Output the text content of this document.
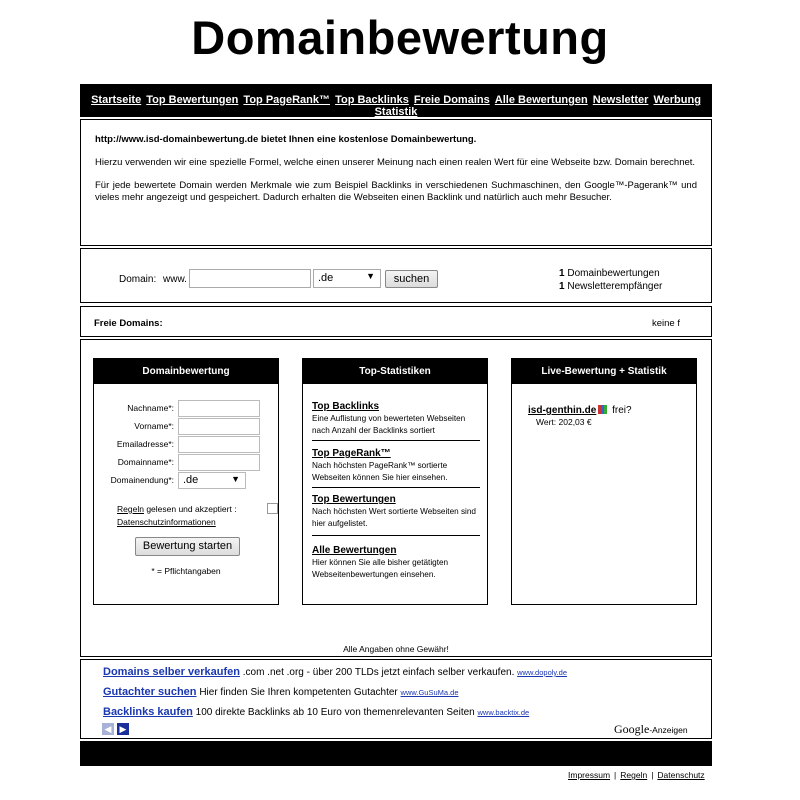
Domainbewertung
Startseite Top Bewertungen Top PageRank™ Top Backlinks Freie Domains Alle Bewertungen Newsletter Werbung Statistik

http://www.isd-domainbewertung.de bietet Ihnen eine kostenlose Domainbewertung.

Hierzu verwenden wir eine spezielle Formel, welche einen unserer Meinung nach einen realen Wert für eine Webseite bzw. Domain berechnet.

Für jede bewertete Domain werden Merkmale wie zum Beispiel Backlinks in verschiedenen Suchmaschinen, den Google™-Pagerank™ und vieles mehr angezeigt und gespeichert. Dadurch erhalten die Webseiten einen Backlink und natürlich auch mehr Besucher.

Domain: www.	.de	▼	suchen	1 Domainbewertungen
1 Newsletterempfänger
Freie Domains:	keine f
Domainbewertung
Nachname*:
Vorname*:
Emailadresse*:
Domainname*:
Domainendung*: .de	▼
Regeln gelesen und akzeptiert :

Datenschutzinformationen
Bewertung starten
* = Pflichtangaben
Top-Statistiken
Top Backlinks
Eine Auflistung von bewerteten Webseiten nach Anzahl der Backlinks sortiert
Top PageRank™
Nach höchsten PageRank™ sortierte Webseiten können Sie hier einsehen.
Top Bewertungen
Nach höchsten Wert sortierte Webseiten sind hier aufgelistet.
Alle Bewertungen
Hier können Sie alle bisher getätigten Webseitenbewertungen einsehen.
Live-Bewertung + Statistik
isd-genthin.de frei?
Wert: 202,03 €
Alle Angaben ohne Gewähr!
Domains selber verkaufen .com .net .org - über 200 TLDs jetzt einfach selber verkaufen. www.dopoly.de
Gutachter suchen Hier finden Sie Ihren kompetenten Gutachter www.GuSuMa.de
Backlinks kaufen 100 direkte Backlinks ab 10 Euro von themenrelevanten Seiten www.backtix.de
◀ ▶	Google-Anzeigen
Impressum | Regeln | Datenschutz
